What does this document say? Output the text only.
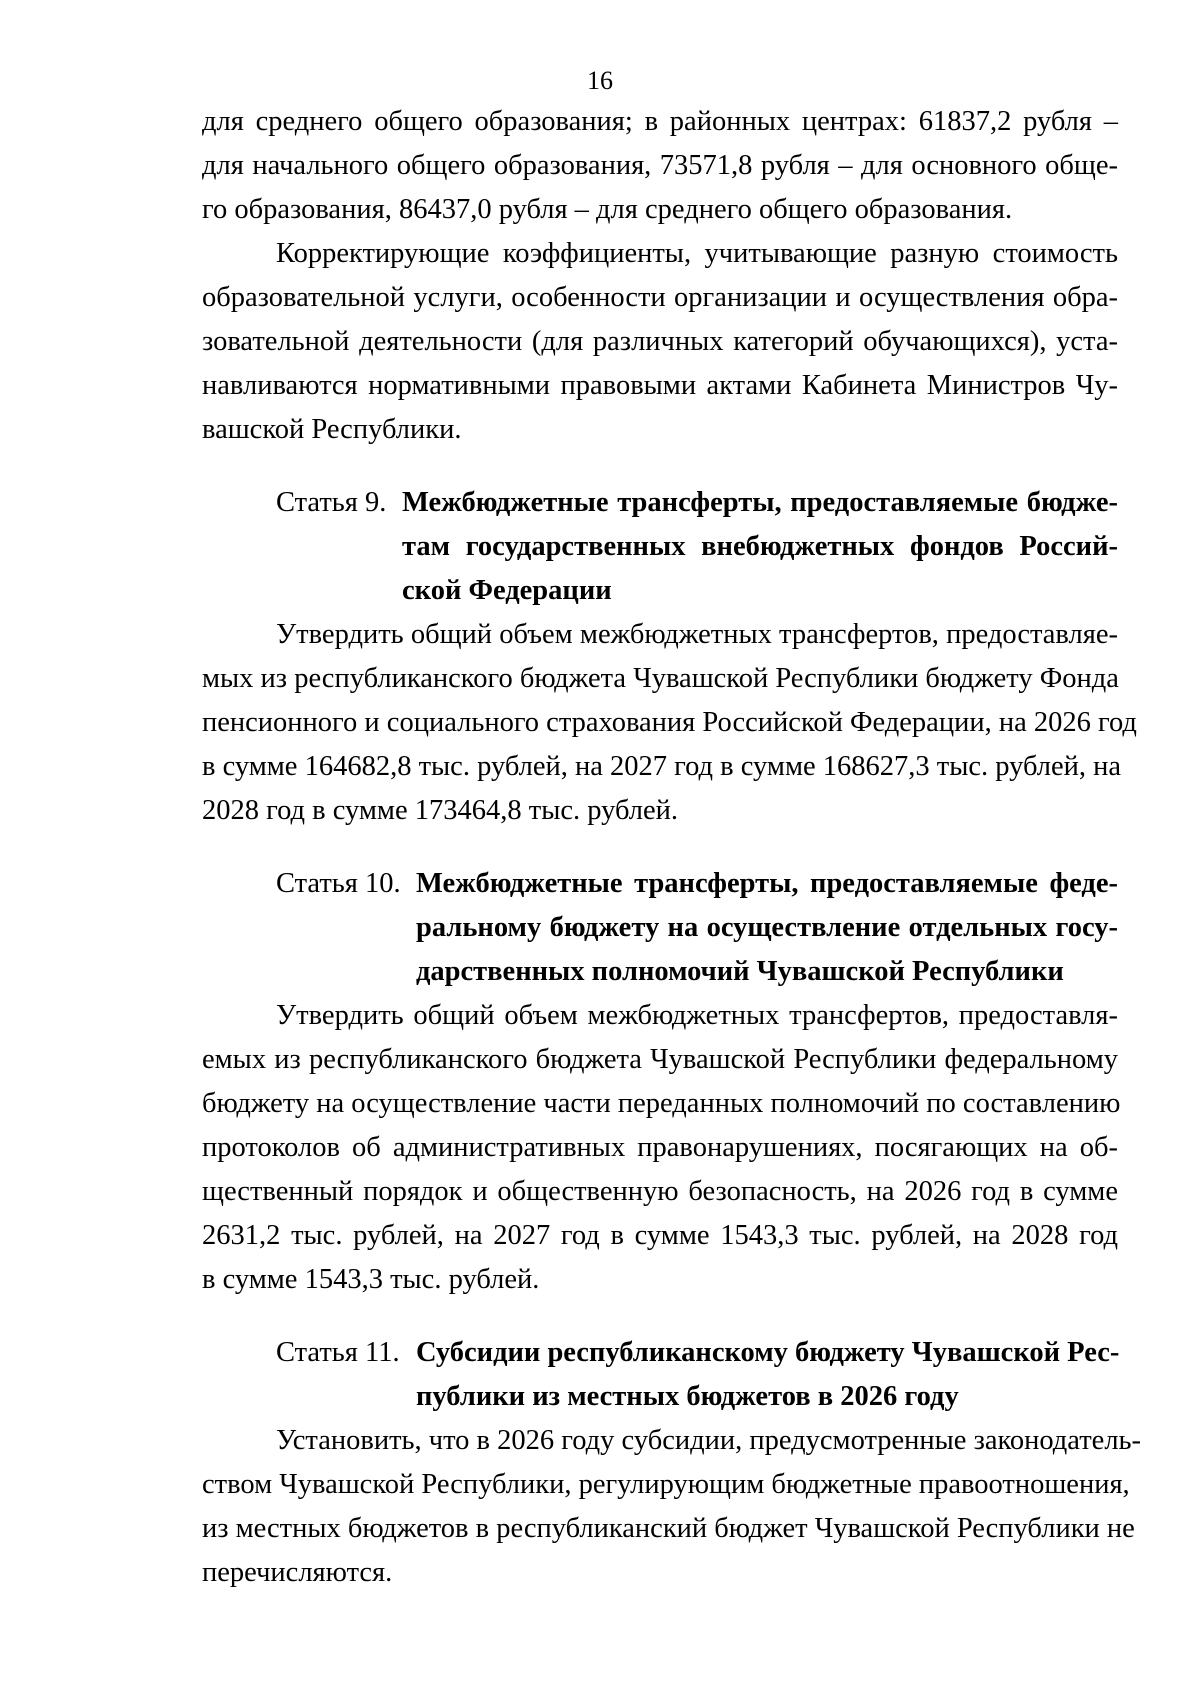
16
для среднего общего образования; в районных центрах: 61837,2 рубля –
для начального общего образования, 73571,8 рубля – для основного обще-
го образования, 86437,0 рубля – для среднего общего образования.
Корректирующие коэффициенты, учитывающие разную стоимость
образовательной услуги, особенности организации и осуществления обра-
зовательной деятельности (для различных категорий обучающихся), уста-
навливаются нормативными правовыми актами Кабинета Министров Чу-
вашской Республики.
Статья 9. Межбюджетные трансферты, предоставляемые бюдже-
там государственных внебюджетных фондов Россий-
ской Федерации
Утвердить общий объем межбюджетных трансфертов, предоставляе-
мых из республиканского бюджета Чувашской Республики бюджету Фонда
пенсионного и социального страхования Российской Федерации, на 2026 год
в сумме 164682,8 тыс. рублей, на 2027 год в сумме 168627,3 тыс. рублей, на
2028 год в сумме 173464,8 тыс. рублей.
Статья 10. Межбюджетные трансферты, предоставляемые феде-
ральному бюджету на осуществление отдельных госу-
дарственных полномочий Чувашской Республики
Утвердить общий объем межбюджетных трансфертов, предоставля-
емых из республиканского бюджета Чувашской Республики федеральному
бюджету на осуществление части переданных полномочий по составлению
протоколов об административных правонарушениях, посягающих на об-
щественный порядок и общественную безопасность, на 2026 год в сумме
2631,2 тыс. рублей, на 2027 год в сумме 1543,3 тыс. рублей, на 2028 год
в сумме 1543,3 тыс. рублей.
Статья 11. Субсидии республиканскому бюджету Чувашской Рес-
публики из местных бюджетов в 2026 году
Установить, что в 2026 году субсидии, предусмотренные законодатель-
ством Чувашской Республики, регулирующим бюджетные правоотношения,
из местных бюджетов в республиканский бюджет Чувашской Республики не
перечисляются.
